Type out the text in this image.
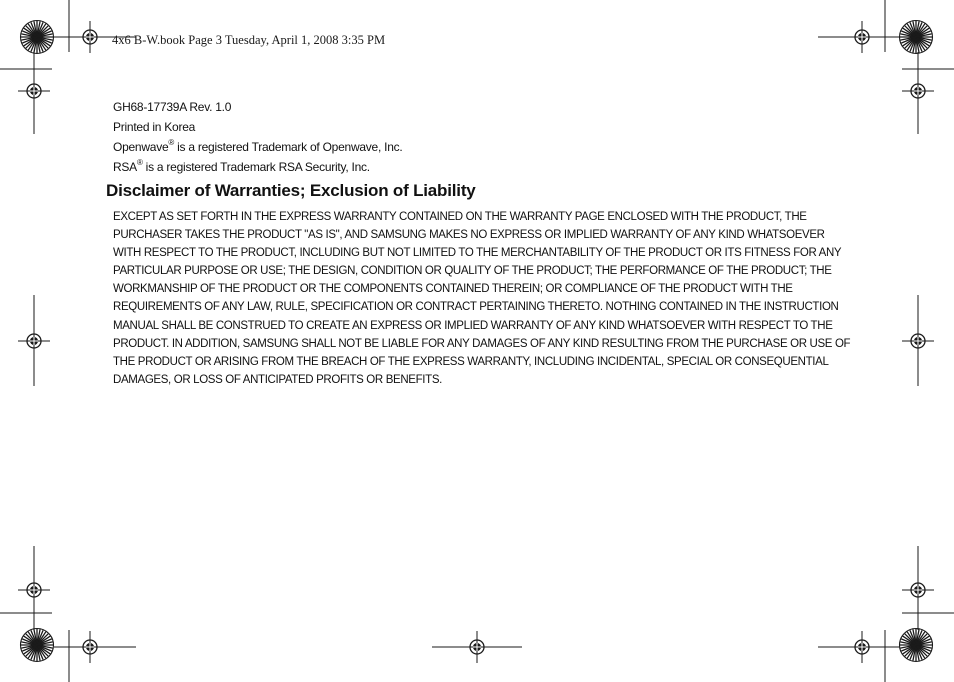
4x6 B-W.book Page 3 Tuesday, April 1, 2008 3:35 PM
GH68-17739A Rev. 1.0
Printed in Korea
Openwave® is a registered Trademark of Openwave, Inc.
RSA® is a registered Trademark RSA Security, Inc.
Disclaimer of Warranties; Exclusion of Liability

EXCEPT AS SET FORTH IN THE EXPRESS WARRANTY CONTAINED ON THE WARRANTY PAGE ENCLOSED WITH THE PRODUCT, THE
PURCHASER TAKES THE PRODUCT "AS IS", AND SAMSUNG MAKES NO EXPRESS OR IMPLIED WARRANTY OF ANY KIND WHATSOEVER
WITH RESPECT TO THE PRODUCT, INCLUDING BUT NOT LIMITED TO THE MERCHANTABILITY OF THE PRODUCT OR ITS FITNESS FOR ANY
PARTICULAR PURPOSE OR USE; THE DESIGN, CONDITION OR QUALITY OF THE PRODUCT; THE PERFORMANCE OF THE PRODUCT; THE
WORKMANSHIP OF THE PRODUCT OR THE COMPONENTS CONTAINED THEREIN; OR COMPLIANCE OF THE PRODUCT WITH THE
REQUIREMENTS OF ANY LAW, RULE, SPECIFICATION OR CONTRACT PERTAINING THERETO. NOTHING CONTAINED IN THE INSTRUCTION
MANUAL SHALL BE CONSTRUED TO CREATE AN EXPRESS OR IMPLIED WARRANTY OF ANY KIND WHATSOEVER WITH RESPECT TO THE
PRODUCT. IN ADDITION, SAMSUNG SHALL NOT BE LIABLE FOR ANY DAMAGES OF ANY KIND RESULTING FROM THE PURCHASE OR USE OF
THE PRODUCT OR ARISING FROM THE BREACH OF THE EXPRESS WARRANTY, INCLUDING INCIDENTAL, SPECIAL OR CONSEQUENTIAL
DAMAGES, OR LOSS OF ANTICIPATED PROFITS OR BENEFITS.
